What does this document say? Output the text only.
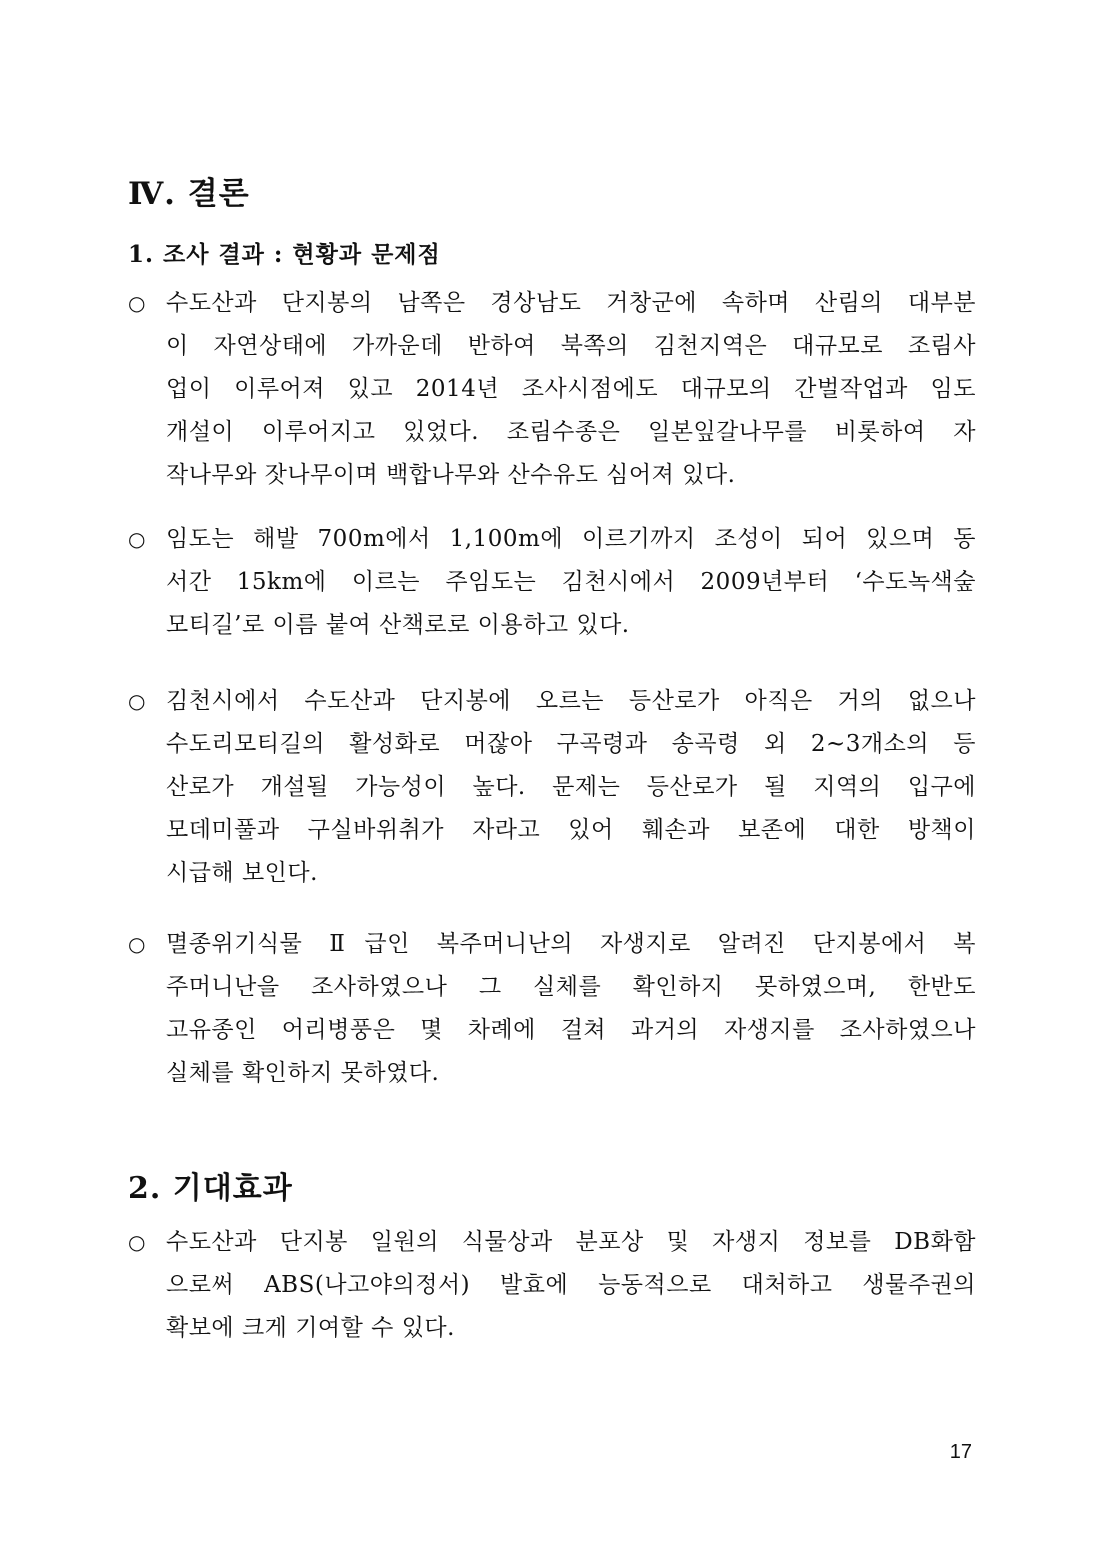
Ⅳ. 결론
1. 조사 결과 : 현황과 문제점

○ 수도산과 단지봉의 남쪽은 경상남도 거창군에 속하며 산림의 대부분
이 자연상태에 가까운데 반하여 북쪽의 김천지역은 대규모로 조림사
업이 이루어져 있고 2014년 조사시점에도 대규모의 간벌작업과 임도
개설이 이루어지고 있었다. 조림수종은 일본잎갈나무를 비롯하여 자
작나무와 잣나무이며 백합나무와 산수유도 심어져 있다.

○ 임도는 해발 700m에서 1,100m에 이르기까지 조성이 되어 있으며 동
서간 15km에 이르는 주임도는 김천시에서 2009년부터 ‘수도녹색숲
모티길’로 이름 붙여 산책로로 이용하고 있다.

○ 김천시에서 수도산과 단지봉에 오르는 등산로가 아직은 거의 없으나
수도리모티길의 활성화로 머잖아 구곡령과 송곡령 외 2~3개소의 등
산로가 개설될 가능성이 높다. 문제는 등산로가 될 지역의 입구에
모데미풀과 구실바위취가 자라고 있어 훼손과 보존에 대한 방책이
시급해 보인다.

○ 멸종위기식물 Ⅱ급인 복주머니난의 자생지로 알려진 단지봉에서 복
주머니난을 조사하였으나 그 실체를 확인하지 못하였으며, 한반도
고유종인 어리병풍은 몇 차례에 걸쳐 과거의 자생지를 조사하였으나
실체를 확인하지 못하였다.

2. 기대효과

○ 수도산과 단지봉 일원의 식물상과 분포상 및 자생지 정보를 DB화함
으로써 ABS(나고야의정서) 발효에 능동적으로 대처하고 생물주권의
확보에 크게 기여할 수 있다.

17
